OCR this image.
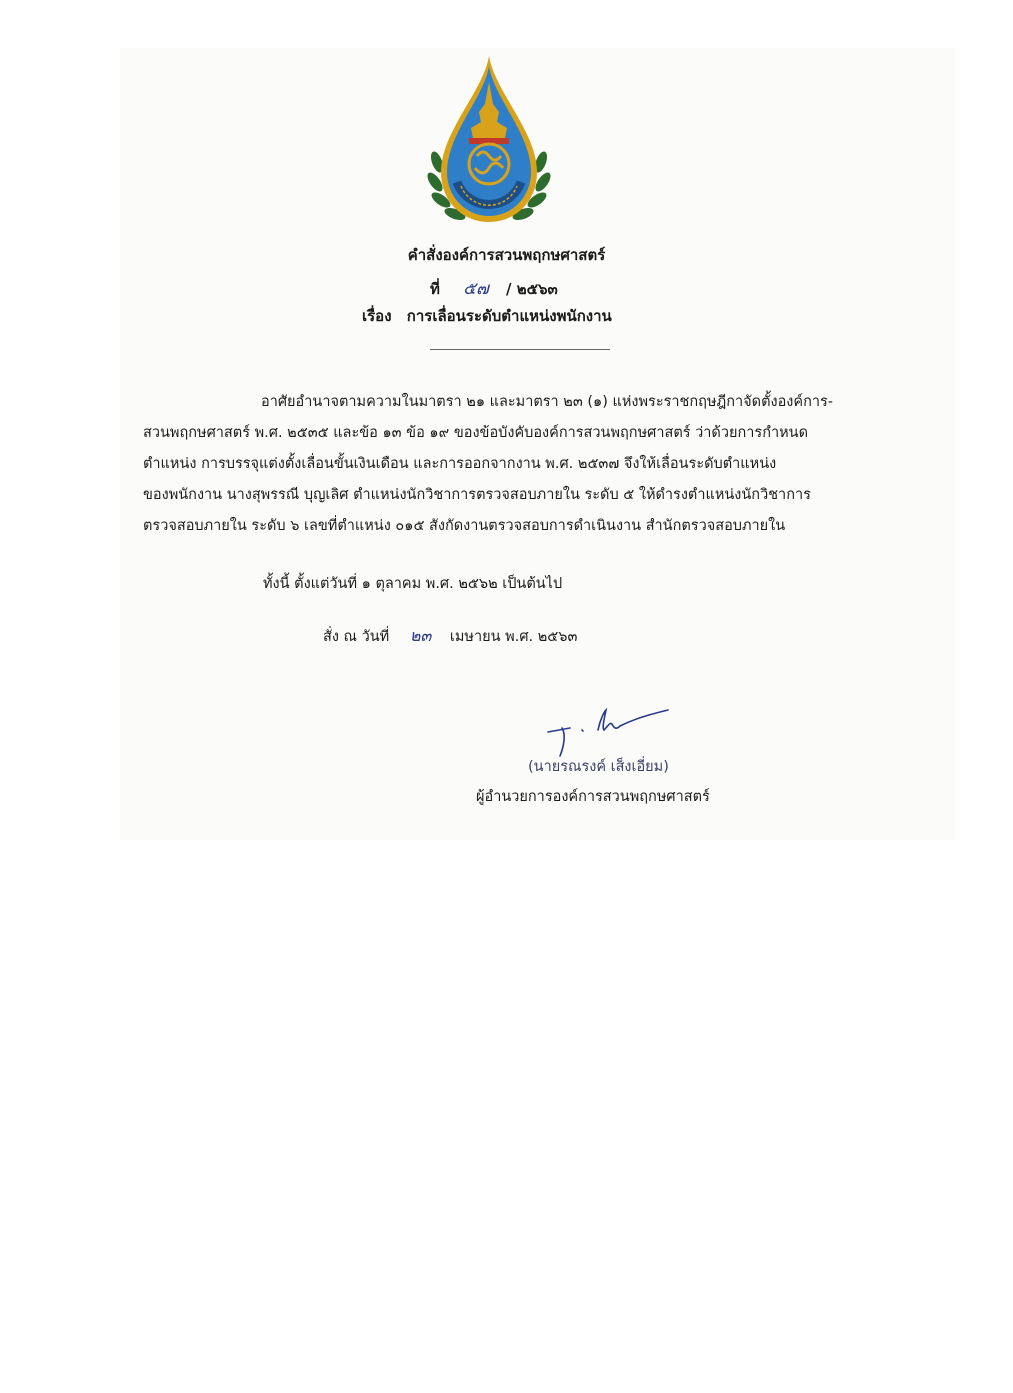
คำสั่งองค์การสวนพฤกษศาสตร์
ที่ ๕๗ / ๒๕๖๓
เรื่อง การเลื่อนระดับตำแหน่งพนักงาน
อาศัยอำนาจตามความในมาตรา ๒๑ และมาตรา ๒๓ (๑) แห่งพระราชกฤษฎีกาจัดตั้งองค์การ-
สวนพฤกษศาสตร์ พ.ศ. ๒๕๓๕ และข้อ ๑๓ ข้อ ๑๙ ของข้อบังคับองค์การสวนพฤกษศาสตร์ ว่าด้วยการกำหนด
ตำแหน่ง การบรรจุแต่งตั้งเลื่อนขั้นเงินเดือน และการออกจากงาน พ.ศ. ๒๕๓๗ จึงให้เลื่อนระดับตำแหน่ง
ของพนักงาน นางสุพรรณี บุญเลิศ ตำแหน่งนักวิชาการตรวจสอบภายใน ระดับ ๕ ให้ดำรงตำแหน่งนักวิชาการ
ตรวจสอบภายใน ระดับ ๖ เลขที่ตำแหน่ง ๐๑๕ สังกัดงานตรวจสอบการดำเนินงาน สำนักตรวจสอบภายใน
ทั้งนี้ ตั้งแต่วันที่ ๑ ตุลาคม พ.ศ. ๒๕๖๒ เป็นต้นไป
สั่ง ณ วันที่ ๒๓ เมษายน พ.ศ. ๒๕๖๓
(นายรณรงค์ เส็งเอี่ยม)
ผู้อำนวยการองค์การสวนพฤกษศาสตร์
